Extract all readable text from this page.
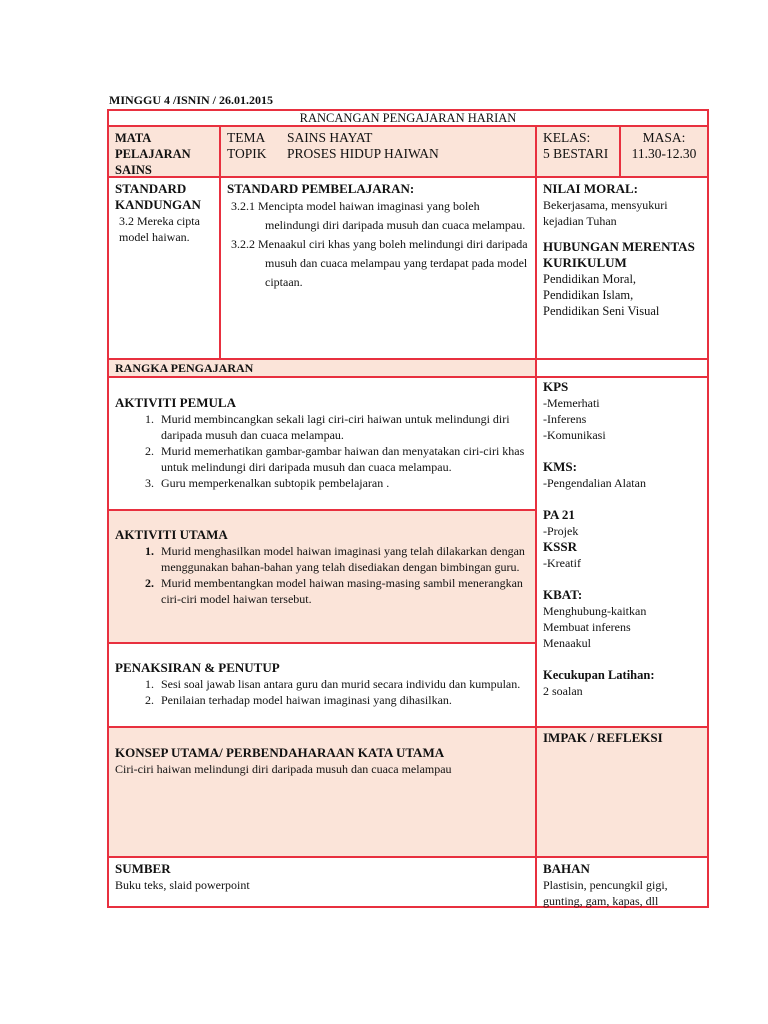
MINGGU 4 /ISNIN / 26.01.2015
RANCANGAN PENGAJARAN HARIAN
MATA PELAJARAN SAINS
TEMA	SAINS HAYAT
TOPIK	PROSES HIDUP HAIWAN
KELAS:
5 BESTARI
MASA:
11.30-12.30
STANDARD KANDUNGAN
3.2 Mereka cipta model haiwan.
STANDARD PEMBELAJARAN:
3.2.1 Mencipta model haiwan imaginasi yang boleh melindungi diri daripada musuh dan cuaca melampau.
3.2.2 Menaakul ciri khas yang boleh melindungi diri daripada musuh dan cuaca melampau yang terdapat pada model ciptaan.
NILAI MORAL:
Bekerjasama, mensyukuri kejadian Tuhan
HUBUNGAN MERENTAS KURIKULUM
Pendidikan Moral,
Pendidikan Islam,
Pendidikan Seni Visual
RANGKA PENGAJARAN
AKTIVITI PEMULA
1. Murid membincangkan sekali lagi ciri-ciri haiwan untuk melindungi diri daripada musuh dan cuaca melampau.
2. Murid memerhatikan gambar-gambar haiwan dan menyatakan ciri-ciri khas untuk melindungi diri daripada musuh dan cuaca melampau.
3. Guru memperkenalkan subtopik pembelajaran .
AKTIVITI UTAMA
1. Murid menghasilkan model haiwan imaginasi yang telah dilakarkan dengan menggunakan bahan-bahan yang telah disediakan dengan bimbingan guru.
2. Murid membentangkan model haiwan masing-masing sambil menerangkan ciri-ciri model haiwan tersebut.
PENAKSIRAN & PENUTUP
1. Sesi soal jawab lisan antara guru dan murid secara individu dan kumpulan.
2. Penilaian terhadap model haiwan imaginasi yang dihasilkan.
KPS
-Memerhati
-Inferens
-Komunikasi
KMS:
-Pengendalian Alatan
PA 21
-Projek
KSSR
-Kreatif
KBAT:
Menghubung-kaitkan
Membuat inferens
Menaakul
Kecukupan Latihan:
2 soalan
KONSEP UTAMA/ PERBENDAHARAAN KATA UTAMA
Ciri-ciri haiwan melindungi diri daripada musuh dan cuaca melampau
IMPAK / REFLEKSI
SUMBER
Buku teks, slaid powerpoint
BAHAN
Plastisin, pencungkil gigi, gunting, gam, kapas, dll
